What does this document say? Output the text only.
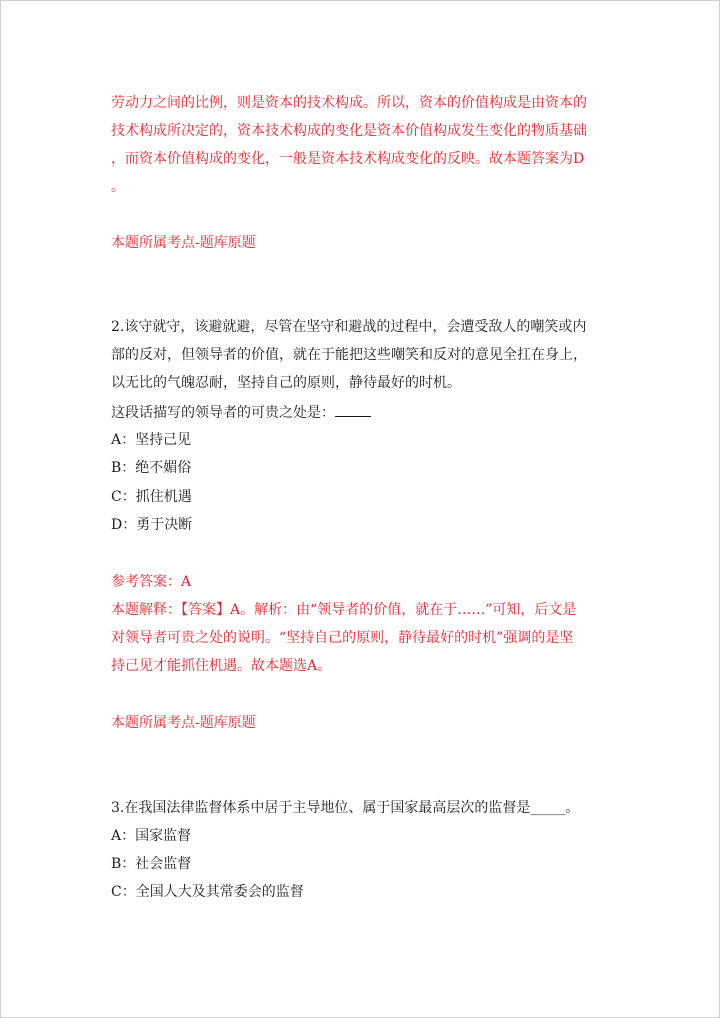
劳动力之间的比例，则是资本的技术构成。所以，资本的价值构成是由资本的
技术构成所决定的，资本技术构成的变化是资本价值构成发生变化的物质基础
，而资本价值构成的变化，一般是资本技术构成变化的反映。故本题答案为D
。
本题所属考点-题库原题
2.该守就守，该避就避，尽管在坚守和避战的过程中，会遭受敌人的嘲笑或内
部的反对，但领导者的价值，就在于能把这些嘲笑和反对的意见全扛在身上，
以无比的气魄忍耐，坚持自己的原则，静待最好的时机。
这段话描写的领导者的可贵之处是：
A：坚持己见
B：绝不媚俗
C：抓住机遇
D：勇于决断
参考答案：A
本题解释：【答案】A。解析：由“领导者的价值，就在于……”可知，后文是
对领导者可贵之处的说明。“坚持自己的原则，静待最好的时机”强调的是坚
持己见才能抓住机遇。故本题选A。
本题所属考点-题库原题
3.在我国法律监督体系中居于主导地位、属于国家最高层次的监督是_____。
A：国家监督
B：社会监督
C：全国人大及其常委会的监督
